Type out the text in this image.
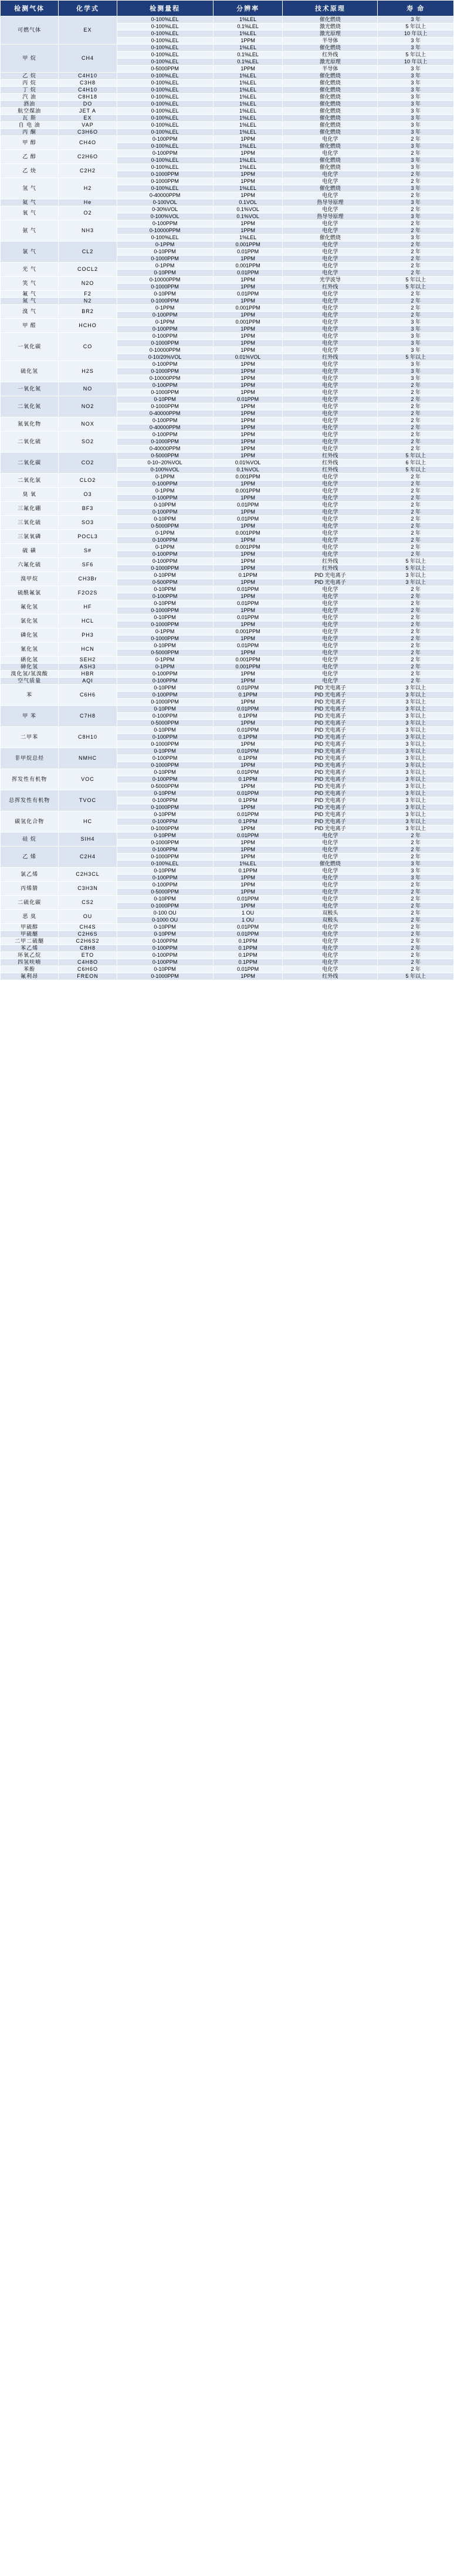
检测气体	化学式	检测量程	分辨率	技术原理	寿 命
可燃气体	EX	0-100%LEL	1%LEL	催化燃烧	3 年
		0-100%LEL	0.1%LEL	激光燃烧	5 年以上
		0-100%LEL	1%LEL	激光原理	10 年以上
		0-100%LEL	1PPM	半导体	3 年
甲 烷	CH4	0-100%LEL	1%LEL	催化燃烧	3 年
		0-100%LEL	0.1%LEL	红外线	5 年以上
		0-100%LEL	0.1%LEL	激光原理	10 年以上
		0-5000PPM	1PPM	半导体	3 年
乙 烷	C4H10	0-100%LEL	1%LEL	催化燃烧	3 年
丙 烷	C3H8	0-100%LEL	1%LEL	催化燃烧	3 年
丁 烷	C4H10	0-100%LEL	1%LEL	催化燃烧	3 年
汽 油	C8H18	0-100%LEL	1%LEL	催化燃烧	3 年
酒油	DO	0-100%LEL	1%LEL	催化燃烧	3 年
航空煤油	JET A	0-100%LEL	1%LEL	催化燃烧	3 年
瓦 斯	EX	0-100%LEL	1%LEL	催化燃烧	3 年
自 电 油	VAP	0-100%LEL	1%LEL	催化燃烧	3 年
丙 酮	C3H6O	0-100%LEL	1%LEL	催化燃烧	3 年
甲 醇	CH4O	0-100PPM	1PPM	电化学	2 年
		0-100%LEL	1%LEL	催化燃烧	3 年
乙 醇	C2H6O	0-100PPM	1PPM	电化学	2 年
		0-100%LEL	1%LEL	催化燃烧	3 年
乙 炔	C2H2	0-100%LEL	1%LEL	催化燃烧	3 年
		0-1000PPM	1PPM	电化学	2 年
氢 气	H2	0-1000PPM	1PPM	电化学	2 年
		0-100%LEL	1%LEL	催化燃烧	3 年
		0-40000PPM	1PPM	电化学	2 年
氦 气	He	0-100VOL	0.1VOL	热导导原理	3 年
氧 气	O2	0-30%VOL	0.1%VOL	电化学	2 年
		0-100%VOL	0.1%VOL	热导导原理	3 年
氨 气	NH3	0-100PPM	1PPM	电化学	2 年
		0-10000PPM	1PPM	电化学	2 年
		0-100%LEL	1%LEL	催化燃烧	3 年
氯 气	CL2	0-1PPM	0.001PPM	电化学	2 年
		0-10PPM	0.01PPM	电化学	2 年
		0-1000PPM	1PPM	电化学	2 年
光 气	COCL2	0-1PPM	0.001PPM	电化学	2 年
		0-10PPM	0.01PPM	电化学	2 年
笑 气	N2O	0-10000PPM	1PPM	光学波导	5 年以上
		0-1000PPM	1PPM	红外线	5 年以上
氟 气	F2	0-10PPM	0.01PPM	电化学	2 年
氮 气	N2	0-1000PPM	1PPM	电化学	2 年
溴 气	BR2	0-1PPM	0.001PPM	电化学	2 年
		0-100PPM	1PPM	电化学	2 年
甲 醛	HCHO	0-1PPM	0.001PPM	电化学	3 年
		0-100PPM	1PPM	电化学	3 年
一氧化碳	CO	0-100PPM	1PPM	电化学	3 年
		0-1000PPM	1PPM	电化学	3 年
		0-10000PPM	1PPM	电化学	3 年
		0-10/20%VOL	0.01%VOL	红外线	5 年以上
硫化氢	H2S	0-100PPM	1PPM	电化学	3 年
		0-1000PPM	1PPM	电化学	3 年
		0-10000PPM	1PPM	电化学	3 年
一氧化氮	NO	0-100PPM	1PPM	电化学	2 年
		0-1000PPM	1PPM	电化学	2 年
二氧化氮	NO2	0-10PPM	0.01PPM	电化学	2 年
		0-1000PPM	1PPM	电化学	2 年
		0-40000PPM	1PPM	电化学	2 年
氮氧化物	NOX	0-100PPM	1PPM	电化学	2 年
		0-40000PPM	1PPM	电化学	2 年
二氧化硫	SO2	0-100PPM	1PPM	电化学	2 年
		0-1000PPM	1PPM	电化学	2 年
		0-40000PPM	1PPM	电化学	2 年
二氧化碳	CO2	0-5000PPM	1PPM	红外线	5 年以上
		0-10~20%VOL	0.01%VOL	红外线	6 年以上
		0-100%VOL	0.1%VOL	红外线	5 年以上
二氧化氯	CLO2	0-1PPM	0.001PPM	电化学	2 年
		0-100PPM	1PPM	电化学	2 年
臭 氧	O3	0-1PPM	0.001PPM	电化学	2 年
		0-100PPM	1PPM	电化学	2 年
三氟化硼	BF3	0-10PPM	0.01PPM	电化学	2 年
		0-100PPM	1PPM	电化学	2 年
三氧化硫	SO3	0-10PPM	0.01PPM	电化学	2 年
		0-5000PPM	1PPM	电化学	2 年
三氯氧磷	POCL3	0-1PPM	0.001PPM	电化学	2 年
		0-100PPM	1PPM	电化学	2 年
硫 磺	S#	0-1PPM	0.001PPM	电化学	2 年
		0-100PPM	1PPM	电化学	2 年
六氟化硫	SF6	0-100PPM	1PPM	红外线	5 年以上
		0-1000PPM	1PPM	红外线	5 年以上
溴甲烷	CH3Br	0-10PPM	0.1PPM	PID 光电离子	3 年以上
		0-500PPM	1PPM	PID 光电离子	3 年以上
硫酰氟氯	F2O2S	0-10PPM	0.01PPM	电化学	2 年
		0-100PPM	1PPM	电化学	2 年
氟化氢	HF	0-10PPM	0.01PPM	电化学	2 年
		0-1000PPM	1PPM	电化学	2 年
氯化氢	HCL	0-10PPM	0.01PPM	电化学	2 年
		0-1000PPM	1PPM	电化学	2 年
磷化氢	PH3	0-1PPM	0.001PPM	电化学	2 年
		0-1000PPM	1PPM	电化学	2 年
氰化氢	HCN	0-10PPM	0.01PPM	电化学	2 年
		0-5000PPM	1PPM	电化学	2 年
硒化氢	SEH2	0-1PPM	0.001PPM	电化学	2 年
砷化氢	ASH3	0-1PPM	0.001PPM	电化学	2 年
溴化氢/氢溴酸	HBR	0-100PPM	1PPM	电化学	2 年
空气质量	AQI	0-100PPM	1PPM	电化学	2 年
苯	C6H6	0-10PPM	0.01PPM	PID 光电离子	3 年以上
		0-100PPM	0.1PPM	PID 光电离子	3 年以上
		0-1000PPM	1PPM	PID 光电离子	3 年以上
甲 苯	C7H8	0-10PPM	0.01PPM	PID 光电离子	3 年以上
		0-100PPM	0.1PPM	PID 光电离子	3 年以上
		0-5000PPM	1PPM	PID 光电离子	3 年以上
二甲苯	C8H10	0-10PPM	0.01PPM	PID 光电离子	3 年以上
		0-100PPM	0.1PPM	PID 光电离子	3 年以上
		0-1000PPM	1PPM	PID 光电离子	3 年以上
非甲烷总烃	NMHC	0-10PPM	0.01PPM	PID 光电离子	3 年以上
		0-100PPM	0.1PPM	PID 光电离子	3 年以上
		0-1000PPM	1PPM	PID 光电离子	3 年以上
挥发性有机物	VOC	0-10PPM	0.01PPM	PID 光电离子	3 年以上
		0-100PPM	0.1PPM	PID 光电离子	3 年以上
		0-5000PPM	1PPM	PID 光电离子	3 年以上
总挥发性有机物	TVOC	0-10PPM	0.01PPM	PID 光电离子	3 年以上
		0-100PPM	0.1PPM	PID 光电离子	3 年以上
		0-1000PPM	1PPM	PID 光电离子	3 年以上
碳氢化合物	HC	0-10PPM	0.01PPM	PID 光电离子	3 年以上
		0-100PPM	0.1PPM	PID 光电离子	3 年以上
		0-1000PPM	1PPM	PID 光电离子	3 年以上
硅 烷	SIH4	0-10PPM	0.01PPM	电化学	2 年
		0-1000PPM	1PPM	电化学	2 年
乙 烯	C2H4	0-100PPM	1PPM	电化学	2 年
		0-1000PPM	1PPM	电化学	2 年
		0-100%LEL	1%LEL	催化燃烧	3 年
氯乙烯	C2H3CL	0-10PPM	0.1PPM	电化学	3 年
		0-100PPM	1PPM	电化学	3 年
丙烯腈	C3H3N	0-100PPM	1PPM	电化学	2 年
		0-5000PPM	1PPM	电化学	2 年
二硫化碳	CS2	0-10PPM	0.01PPM	电化学	2 年
		0-1000PPM	1PPM	电化学	2 年
恶 臭	OU	0-100 OU	1 OU	双极头	2 年
		0-1000 OU	1 OU	双极头	2 年
甲硫醇	CH4S	0-10PPM	0.01PPM	电化学	2 年
甲硫醚	C2H6S	0-10PPM	0.01PPM	电化学	2 年
二甲二硫醚	C2H6S2	0-100PPM	0.1PPM	电化学	2 年
苯乙烯	C8H8	0-100PPM	0.1PPM	电化学	2 年
环氧乙烷	ETO	0-100PPM	0.1PPM	电化学	2 年
四氢呋喃	C4H8O	0-100PPM	0.1PPM	电化学	2 年
苯酚	C6H6O	0-10PPM	0.01PPM	电化学	2 年
氟利昂	FREON	0-1000PPM	1PPM	红外线	5 年以上
